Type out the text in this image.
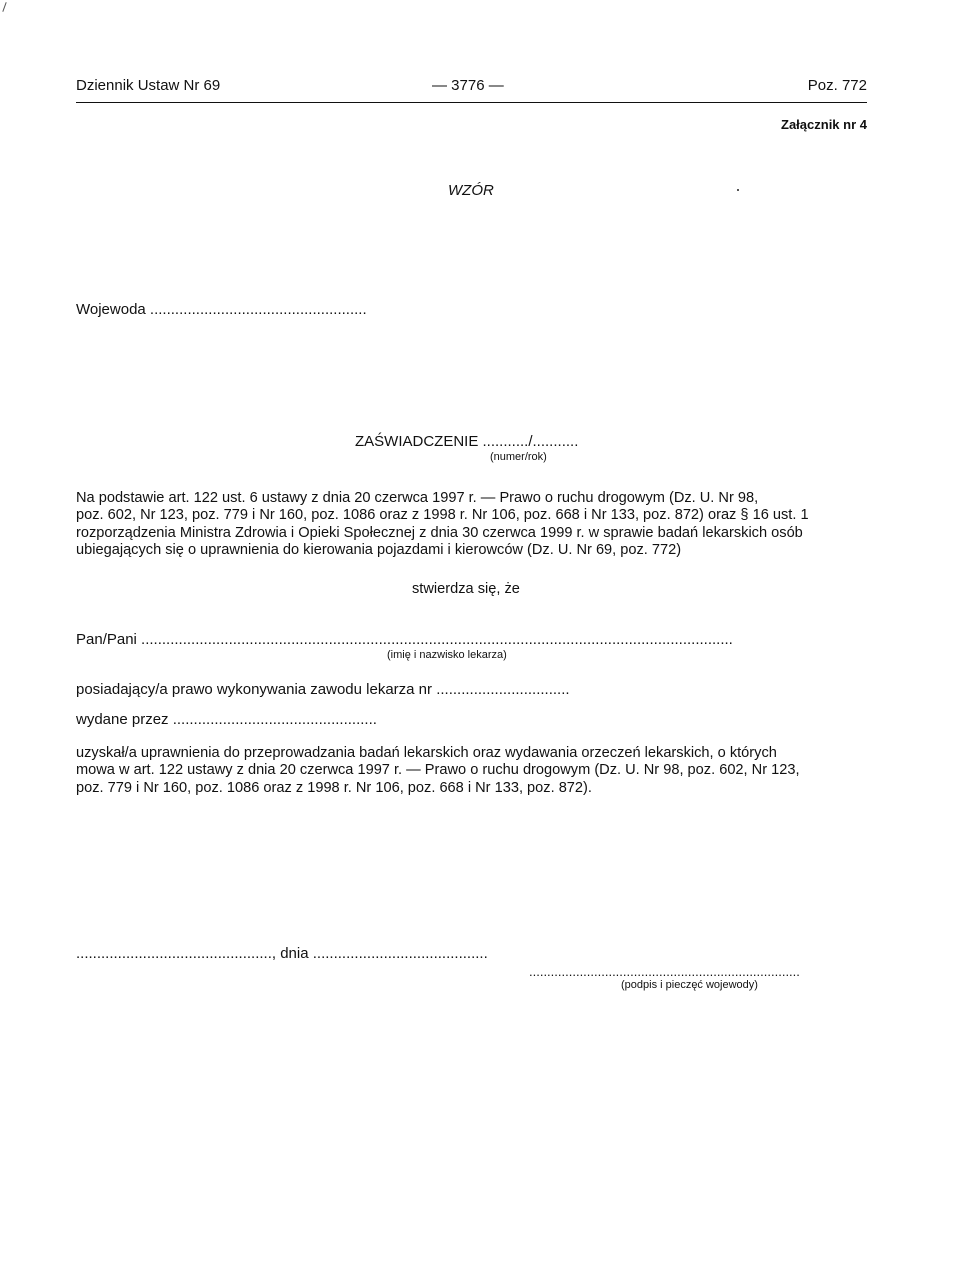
Dziennik Ustaw Nr 69	— 3776 —	Poz. 772
Załącznik nr 4
WZÓR
Wojewoda ....................................................
ZAŚWIADCZENIE .........../...........
(numer/rok)
Na podstawie art. 122 ust. 6 ustawy z dnia 20 czerwca 1997 r. — Prawo o ruchu drogowym (Dz. U. Nr 98,
poz. 602, Nr 123, poz. 779 i Nr 160, poz. 1086 oraz z 1998 r. Nr 106, poz. 668 i Nr 133, poz. 872) oraz § 16 ust. 1
rozporządzenia Ministra Zdrowia i Opieki Społecznej z dnia 30 czerwca 1999 r. w sprawie badań lekarskich osób
ubiegających się o uprawnienia do kierowania pojazdami i kierowców (Dz. U. Nr 69, poz. 772)
stwierdza się, że
Pan/Pani ..............................................................................................................................................
(imię i nazwisko lekarza)
posiadający/a prawo wykonywania zawodu lekarza nr ................................
wydane przez .................................................
uzyskał/a uprawnienia do przeprowadzania badań lekarskich oraz wydawania orzeczeń lekarskich, o których
mowa w art. 122 ustawy z dnia 20 czerwca 1997 r. — Prawo o ruchu drogowym (Dz. U. Nr 98, poz. 602, Nr 123,
poz. 779 i Nr 160, poz. 1086 oraz z 1998 r. Nr 106, poz. 668 i Nr 133, poz. 872).
..............................................., dnia ..........................................
...........................................................................
(podpis i pieczęć wojewody)
